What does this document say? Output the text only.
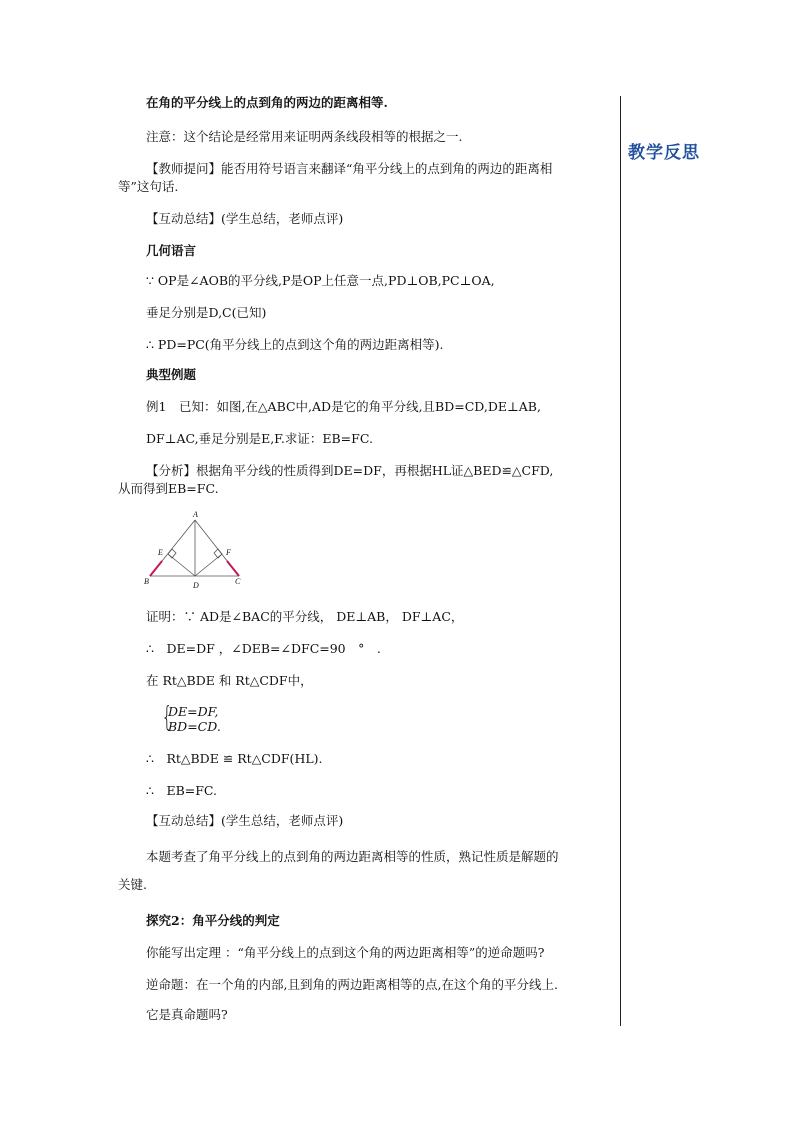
教学反思
在角的平分线上的点到角的两边的距离相等.
注意：这个结论是经常用来证明两条线段相等的根据之一.
【教师提问】能否用符号语言来翻译“角平分线上的点到角的两边的距离相
等”这句话.
【互动总结】(学生总结，老师点评)
几何语言
∵ OP是∠AOB的平分线,P是OP上任意一点,PD⊥OB,PC⊥OA,
垂足分别是D,C(已知)
∴ PD=PC(角平分线上的点到这个角的两边距离相等).
典型例题
例1　已知：如图,在△ABC中,AD是它的角平分线,且BD=CD,DE⊥AB,
DF⊥AC,垂足分别是E,F.求证：EB=FC.
【分析】根据角平分线的性质得到DE=DF，再根据HL证△BED≌△CFD,
从而得到EB=FC.
A
B	C
D
E	F
证明：∵ AD是∠BAC的平分线， DE⊥AB， DF⊥AC，
∴　DE=DF ，∠DEB=∠DFC=90　°　.
在 Rt△BDE 和 Rt△CDF中，
{
DE=DF,
BD=CD.
∴　Rt△BDE ≌ Rt△CDF(HL).
∴　EB=FC.
【互动总结】(学生总结，老师点评)
本题考查了角平分线上的点到角的两边距离相等的性质，熟记性质是解题的
关键.
探究2：角平分线的判定
你能写出定理 ：“角平分线上的点到这个角的两边距离相等”的逆命题吗?
逆命题：在一个角的内部,且到角的两边距离相等的点,在这个角的平分线上.
它是真命题吗?
